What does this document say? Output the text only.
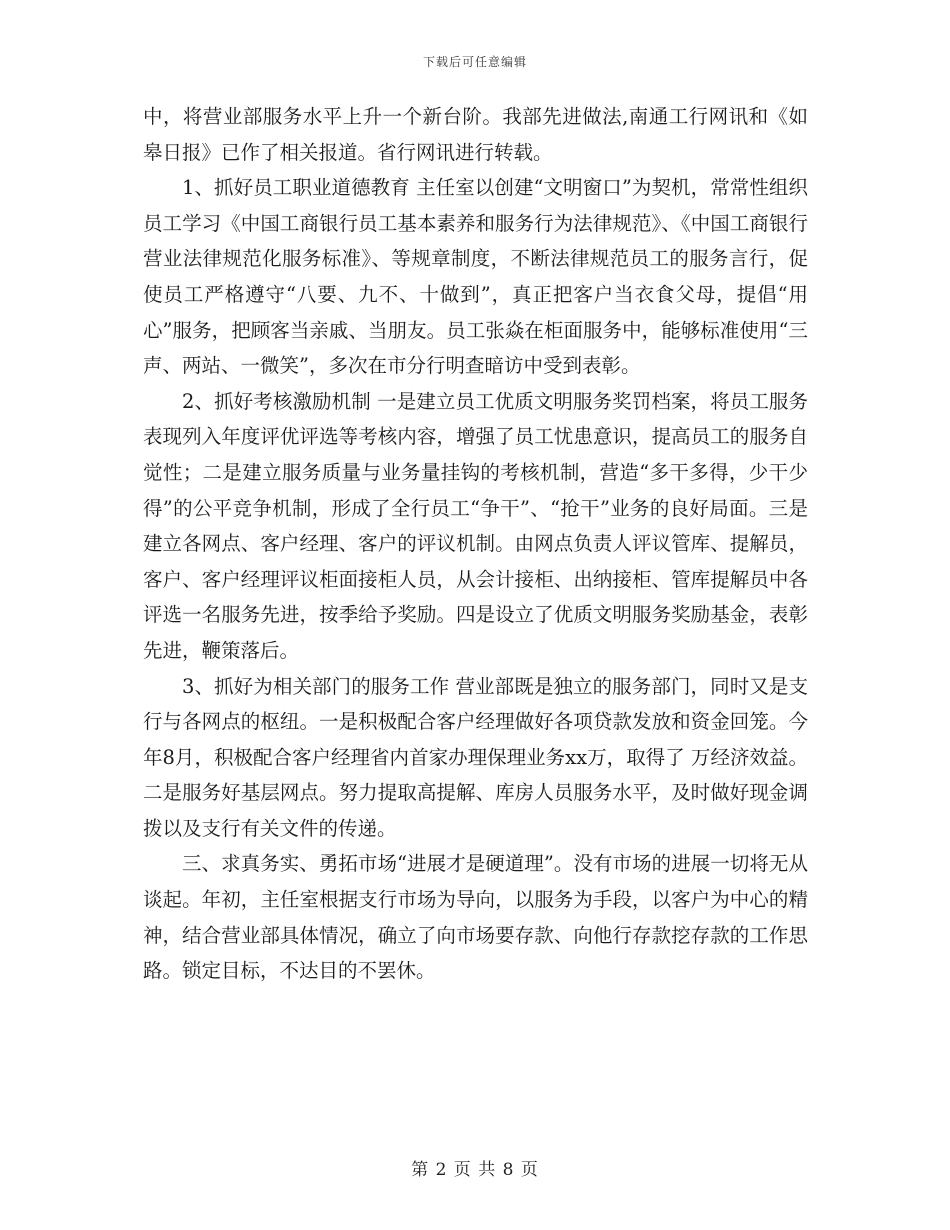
下载后可任意编辑

中，将营业部服务水平上升一个新台阶。我部先进做法,南通工行网讯和《如皋日报》已作了相关报道。省行网讯进行转载。

1、抓好员工职业道德教育 主任室以创建“文明窗口”为契机，常常性组织员工学习《中国工商银行员工基本素养和服务行为法律规范》、《中国工商银行营业法律规范化服务标准》、等规章制度，不断法律规范员工的服务言行，促使员工严格遵守“八要、九不、十做到”，真正把客户当衣食父母，提倡“用心”服务，把顾客当亲戚、当朋友。员工张焱在柜面服务中，能够标准使用“三声、两站、一微笑”，多次在市分行明查暗访中受到表彰。

2、抓好考核激励机制 一是建立员工优质文明服务奖罚档案，将员工服务表现列入年度评优评选等考核内容，增强了员工忧患意识，提高员工的服务自觉性；二是建立服务质量与业务量挂钩的考核机制，营造“多干多得，少干少得”的公平竞争机制，形成了全行员工“争干”、“抢干”业务的良好局面。三是建立各网点、客户经理、客户的评议机制。由网点负责人评议管库、提解员，客户、客户经理评议柜面接柜人员，从会计接柜、出纳接柜、管库提解员中各评选一名服务先进，按季给予奖励。四是设立了优质文明服务奖励基金，表彰先进，鞭策落后。

3、抓好为相关部门的服务工作 营业部既是独立的服务部门，同时又是支行与各网点的枢纽。一是积极配合客户经理做好各项贷款发放和资金回笼。今年8月，积极配合客户经理省内首家办理保理业务xx万，取得了 万经济效益。二是服务好基层网点。努力提取高提解、库房人员服务水平，及时做好现金调拨以及支行有关文件的传递。

三、求真务实、勇拓市场“进展才是硬道理”。没有市场的进展一切将无从谈起。年初，主任室根据支行市场为导向，以服务为手段，以客户为中心的精神，结合营业部具体情况，确立了向市场要存款、向他行存款挖存款的工作思路。锁定目标，不达目的不罢休。

第 2 页 共 8 页
